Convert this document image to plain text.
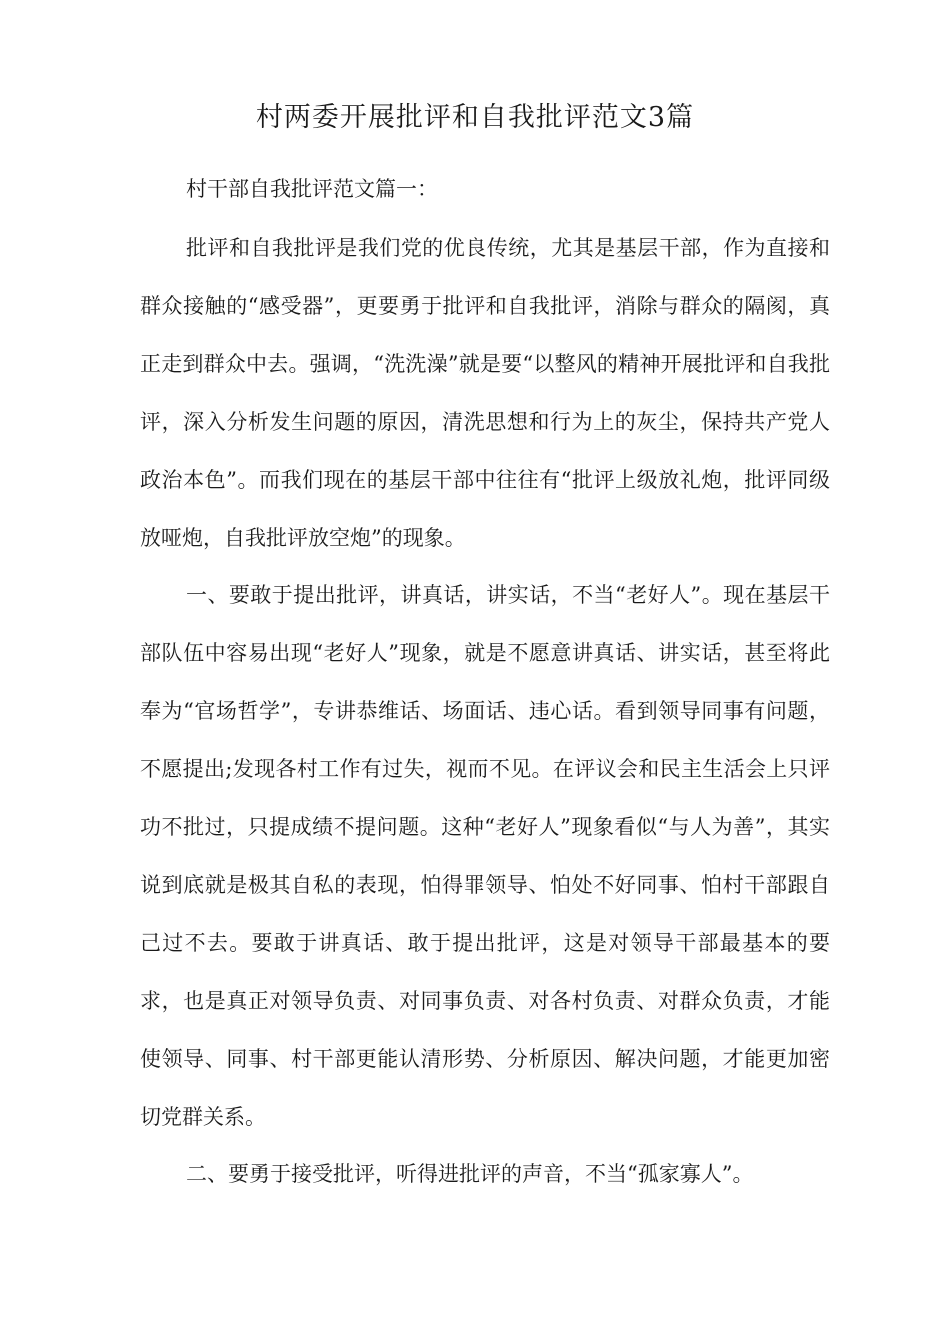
村两委开展批评和自我批评范文3篇
村干部自我批评范文篇一：

批评和自我批评是我们党的优良传统，尤其是基层干部，作为直接和群众接触的“感受器”，更要勇于批评和自我批评，消除与群众的隔阂，真正走到群众中去。强调，“洗洗澡”就是要“以整风的精神开展批评和自我批评，深入分析发生问题的原因，清洗思想和行为上的灰尘，保持共产党人政治本色”。而我们现在的基层干部中往往有“批评上级放礼炮，批评同级放哑炮，自我批评放空炮”的现象。

一、要敢于提出批评，讲真话，讲实话，不当“老好人”。现在基层干部队伍中容易出现“老好人”现象，就是不愿意讲真话、讲实话，甚至将此奉为“官场哲学”，专讲恭维话、场面话、违心话。看到领导同事有问题，不愿提出;发现各村工作有过失，视而不见。在评议会和民主生活会上只评功不批过，只提成绩不提问题。这种“老好人”现象看似“与人为善”，其实说到底就是极其自私的表现，怕得罪领导、怕处不好同事、怕村干部跟自己过不去。要敢于讲真话、敢于提出批评，这是对领导干部最基本的要求，也是真正对领导负责、对同事负责、对各村负责、对群众负责，才能使领导、同事、村干部更能认清形势、分析原因、解决问题，才能更加密切党群关系。

二、要勇于接受批评，听得进批评的声音，不当“孤家寡人”。
